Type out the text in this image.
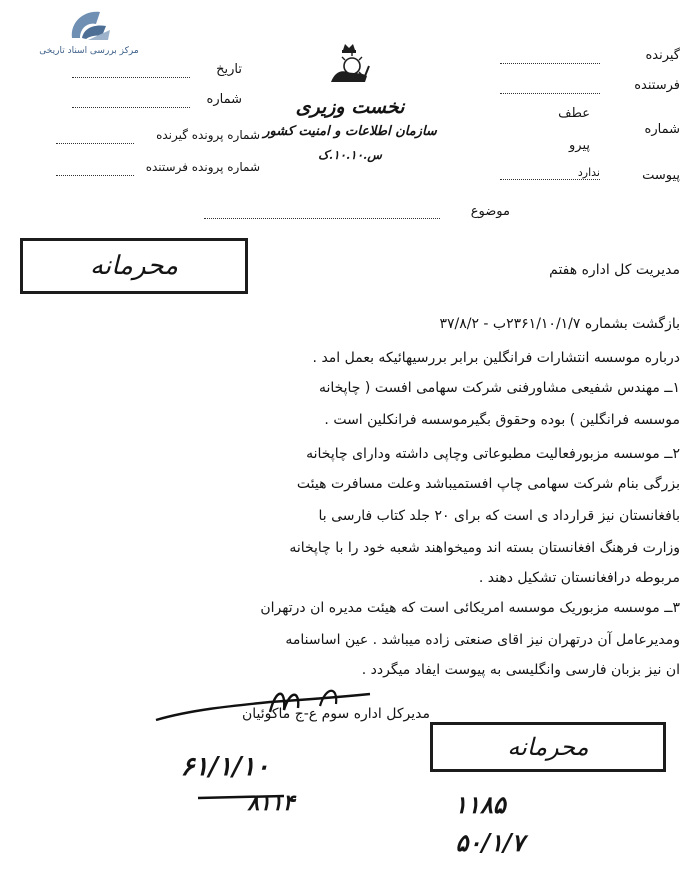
مرکز بررسی اسناد تاریخی
نخست وزیری
سازمان اطلاعات و امنیت کشور
س.۱۰.۱۰.ک
گیرنده
فرستنده
شماره
عطف
پیرو
پیوست
ندارد
تاریخ
شماره
شماره پرونده گیرنده
شماره پرونده فرستنده
موضوع
محرمانه	مدیریت کل اداره هفتم
بازگشت بشماره ۲۳۶۱/۱۰/۱/۷ب - ۳۷/۸/۲
درباره موسسه انتشارات فرانگلین برابر بررسیهائیکه بعمل امد .
۱ــ مهندس شفیعی مشاورفنی شرکت سهامی افست ( چاپخانه
موسسه فرانگلین ) بوده وحقوق بگیرموسسه فرانکلین است .
۲ــ موسسه مزبورفعالیت مطبوعاتی وچاپی داشته ودارای چاپخانه
بزرگی بنام شرکت سهامی چاپ افستمیباشد وعلت مسافرت هیئت
بافغانستان نیز قرارداد ی است که برای ۲۰ جلد کتاب فارسی با
وزارت فرهنگ افغانستان بسته اند ومیخواهند شعبه خود را با چاپخانه
مربوطه درافغانستان تشکیل دهند .
۳ــ موسسه مزبوریک موسسه امریکائی است که هیئت مدیره ان درتهران
ومدیرعامل آن درتهران نیز اقای صنعتی زاده میباشد . عین اساسنامه
ان نیز بزبان فارسی وانگلیسی به پیوست ایفاد میگردد .
مدیرکل اداره سوم ع-ج ماکوئیان
محرمانه
۶۱/۱/۱۰
۸۱۱۴	۱۱۸۵
۵۰/۱/۷
